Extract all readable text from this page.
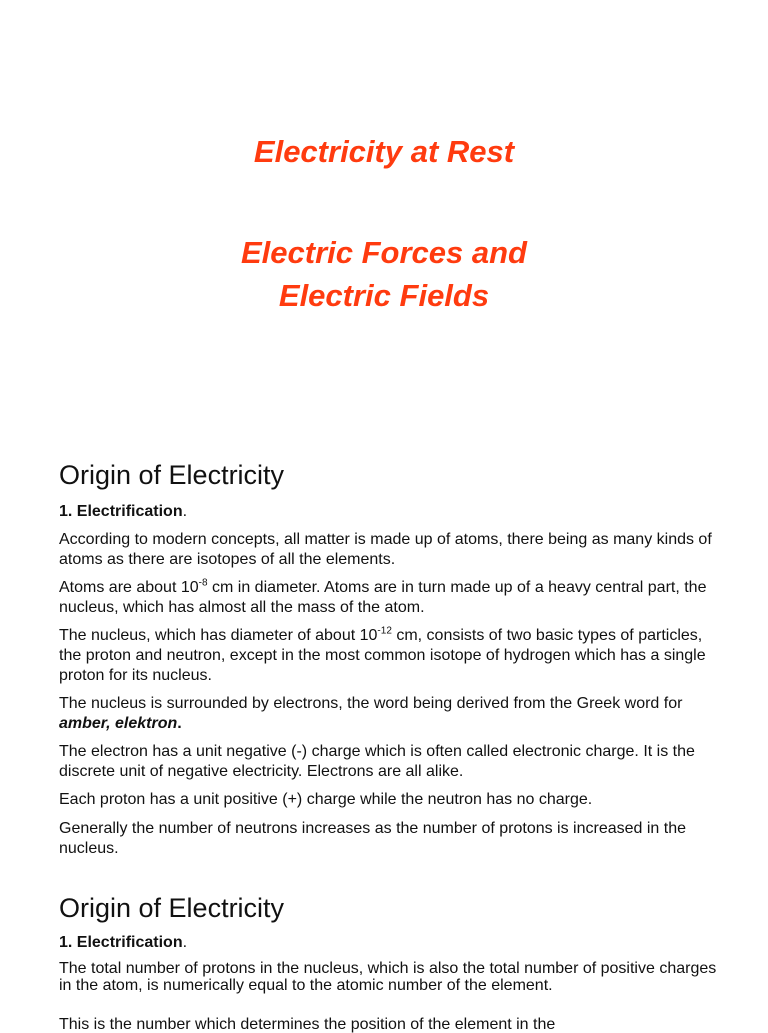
Electricity at Rest
Electric Forces and
Electric Fields
Origin of Electricity
1. Electrification.
According to modern concepts, all matter is made up of atoms, there being as many kinds of atoms as there are isotopes of all the elements.
Atoms are about $10^{-8}$ cm in diameter. Atoms are in turn made up of a heavy central part, the nucleus, which has almost all the mass of the atom.
The nucleus, which has diameter of about $10^{-12}$ cm, consists of two basic types of particles, the proton and neutron, except in the most common isotope of hydrogen which has a single proton for its nucleus.
The nucleus is surrounded by electrons, the word being derived from the Greek word for amber, elektron.
The electron has a unit negative (-) charge which is often called electronic charge. It is the discrete unit of negative electricity. Electrons are all alike.
Each proton has a unit positive (+) charge while the neutron has no charge.
Generally the number of neutrons increases as the number of protons is increased in the nucleus.
Origin of Electricity
1. Electrification.
The total number of protons in the nucleus, which is also the total number of positive charges in the atom, is numerically equal to the atomic number of the element.
This is the number which determines the position of the element in the
